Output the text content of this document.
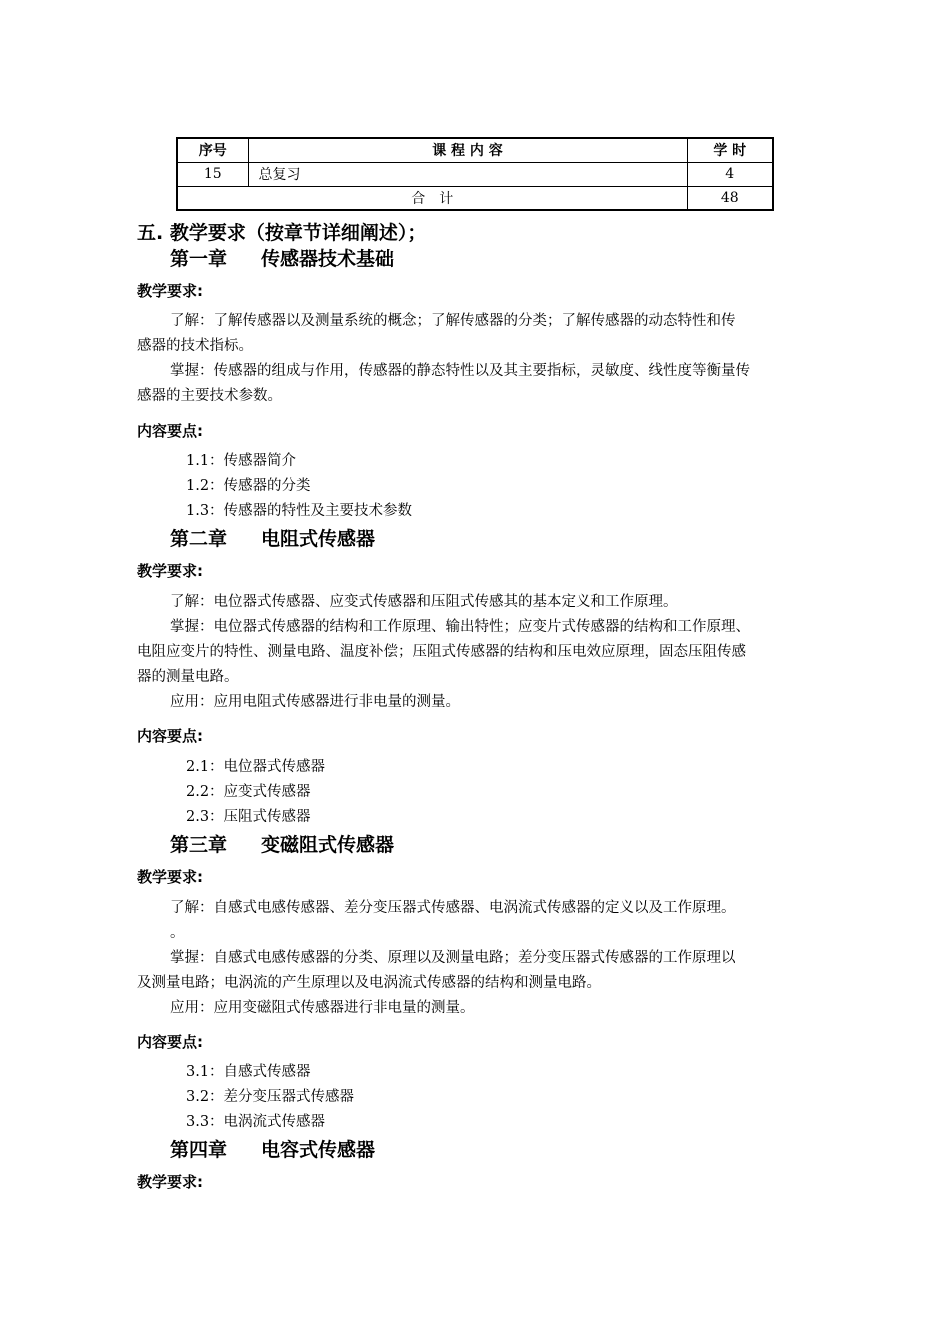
序号	课 程 内 容	学 时
15	总复习	4
合　计		48
五. 教学要求（按章节详细阐述）；
第一章 传感器技术基础
教学要求:
了解：了解传感器以及测量系统的概念；了解传感器的分类；了解传感器的动态特性和传
感器的技术指标。
掌握：传感器的组成与作用，传感器的静态特性以及其主要指标，灵敏度、线性度等衡量传
感器的主要技术参数。
内容要点:
1.1：传感器简介
1.2：传感器的分类
1.3：传感器的特性及主要技术参数
第二章 电阻式传感器
教学要求:
了解：电位器式传感器、应变式传感器和压阻式传感其的基本定义和工作原理。
掌握：电位器式传感器的结构和工作原理、输出特性；应变片式传感器的结构和工作原理、
电阻应变片的特性、测量电路、温度补偿；压阻式传感器的结构和压电效应原理，固态压阻传感
器的测量电路。
应用：应用电阻式传感器进行非电量的测量。
内容要点:
2.1：电位器式传感器
2.2：应变式传感器
2.3：压阻式传感器
第三章 变磁阻式传感器
教学要求:
了解：自感式电感传感器、差分变压器式传感器、电涡流式传感器的定义以及工作原理。
。
掌握：自感式电感传感器的分类、原理以及测量电路；差分变压器式传感器的工作原理以
及测量电路；电涡流的产生原理以及电涡流式传感器的结构和测量电路。
应用：应用变磁阻式传感器进行非电量的测量。
内容要点:
3.1：自感式传感器
3.2：差分变压器式传感器
3.3：电涡流式传感器
第四章 电容式传感器
教学要求:
